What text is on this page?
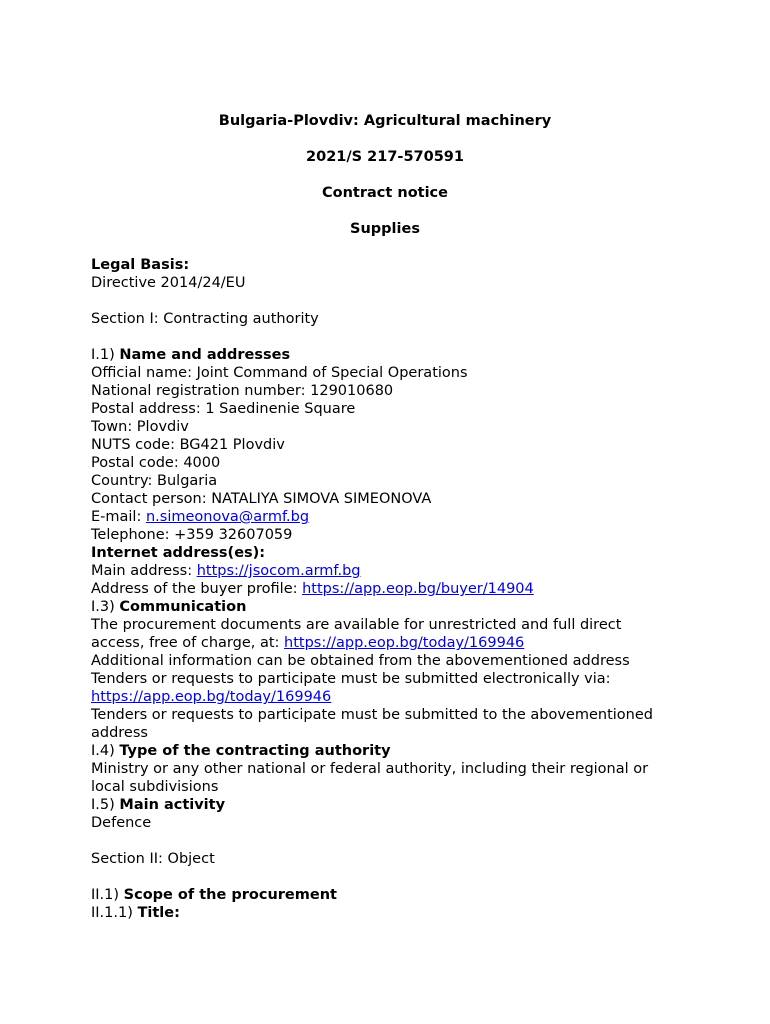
Bulgaria-Plovdiv: Agricultural machinery
2021/S 217-570591
Contract notice
Supplies
Legal Basis:
Directive 2014/24/EU
Section I: Contracting authority
I.1) Name and addresses
Official name: Joint Command of Special Operations
National registration number: 129010680
Postal address: 1 Saedinenie Square
Town: Plovdiv
NUTS code: BG421 Plovdiv
Postal code: 4000
Country: Bulgaria
Contact person: NATALIYA SIMOVA SIMEONOVA
E-mail: n.simeonova@armf.bg
Telephone: +359 32607059
Internet address(es):
Main address: https://jsocom.armf.bg
Address of the buyer profile: https://app.eop.bg/buyer/14904
I.3) Communication
The procurement documents are available for unrestricted and full direct
access, free of charge, at: https://app.eop.bg/today/169946
Additional information can be obtained from the abovementioned address
Tenders or requests to participate must be submitted electronically via:
https://app.eop.bg/today/169946
Tenders or requests to participate must be submitted to the abovementioned
address
I.4) Type of the contracting authority
Ministry or any other national or federal authority, including their regional or
local subdivisions
I.5) Main activity
Defence
Section II: Object
II.1) Scope of the procurement
II.1.1) Title:
